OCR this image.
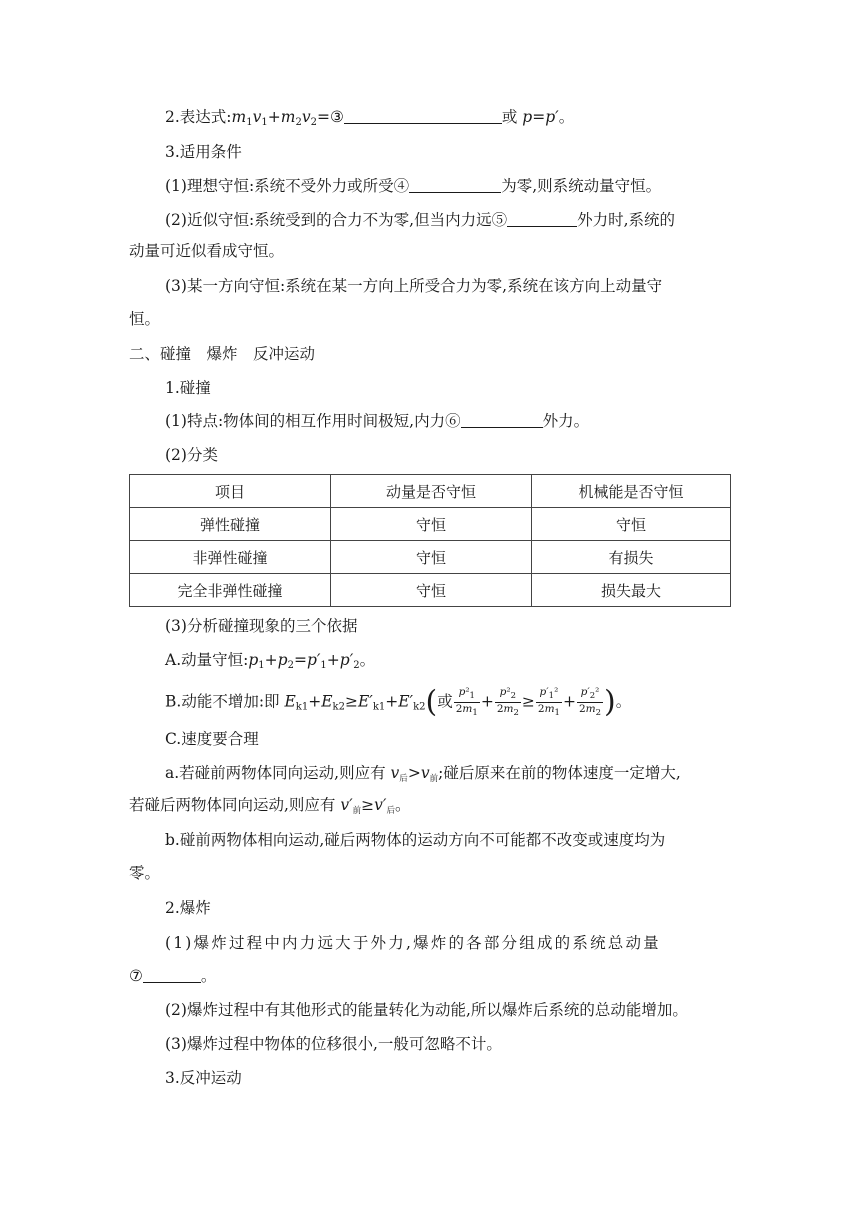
2.表达式$:m_1v_1+m_2v_2=③$	或 p=p′。
3.适用条件
(1)理想守恒:系统不受外力或所受④	为零,则系统动量守恒。
(2)近似守恒:系统受到的合力不为零,但当内力远⑤	外力时,系统的
动量可近似看成守恒。
(3)某一方向守恒:系统在某一方向上所受合力为零,系统在该方向上动量守
恒。
二、碰撞　爆炸　反冲运动
1.碰撞
(1)特点:物体间的相互作用时间极短,内力⑥	外力。
(2)分类
项目	动量是否守恒	机械能是否守恒
弹性碰撞	守恒	守恒
非弹性碰撞	守恒	有损失
完全非弹性碰撞	守恒	损失最大
(3)分析碰撞现象的三个依据
A.动量守恒$:p_1+p_2=p'_1+p'_2$。
B.动能不增加:即 $E_{k1}+E_{k2}\ge E'_{k1}+E'_{k2}$(或 $\frac{p^2_1}{2m_1} + \frac{p^2_2}{2m_2} \ge \frac{p'_1^2}{2m_1} + \frac{p'_2^2}{2m_2}$ )。
C.速度要合理
a.若碰前两物体同向运动,则应有 $v_后>v_前$;碰后原来在前的物体速度一定增大,
若碰后两物体同向运动,则应有 $v'_前\ge v'_后$。
b.碰前两物体相向运动,碰后两物体的运动方向不可能都不改变或速度均为
零。
2.爆炸
(1)爆炸过程中内力远大于外力,爆炸的各部分组成的系统总动量
⑦	。
(2)爆炸过程中有其他形式的能量转化为动能,所以爆炸后系统的总动能增加。
(3)爆炸过程中物体的位移很小,一般可忽略不计。
3.反冲运动
